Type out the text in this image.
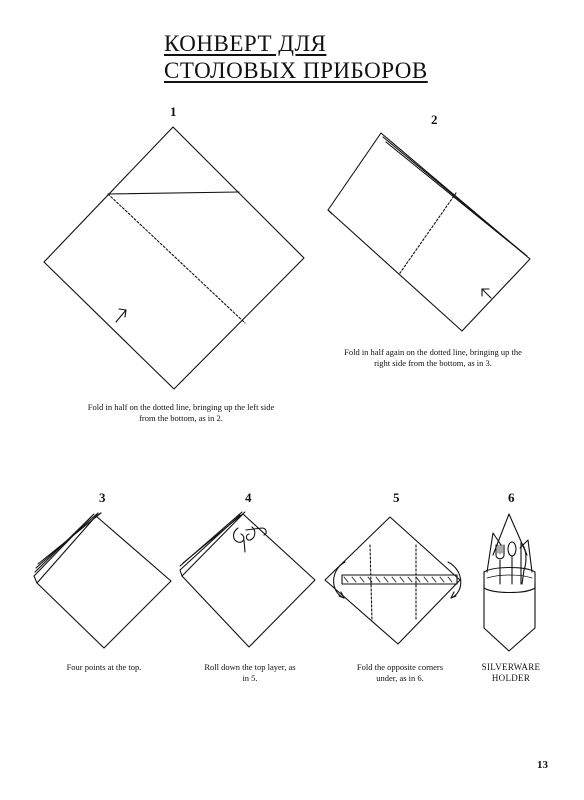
КОНВЕРТ ДЛЯ
СТОЛОВЫХ ПРИБОРОВ
1
2
3	4	5	6

Fold in half on the dotted line, bringing up the left side
from the bottom, as in 2.

Fold in half again on the dotted line, bringing up the
right side from the bottom, as in 3.

Four points at the top.	Roll down the top layer, as
in 5.

Fold the opposite corners
under, as in 6.

SILVERWARE
HOLDER

13
